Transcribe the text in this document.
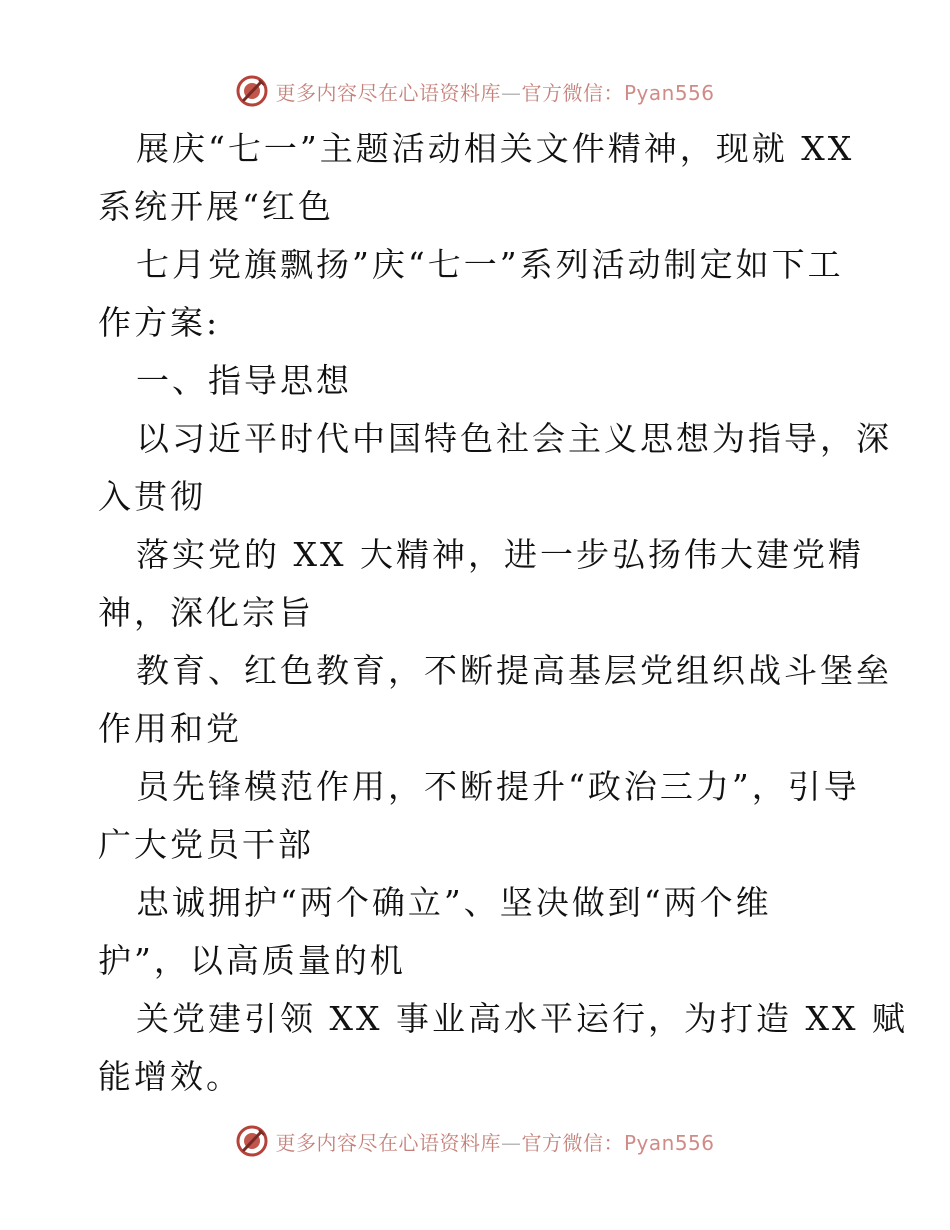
更多内容尽在心语资料库—官方微信：Pyan556
展庆“七一”主题活动相关文件精神，现就 XX
系统开展“红色
七月党旗飘扬”庆“七一”系列活动制定如下工
作方案:
一、指导思想
以习近平时代中国特色社会主义思想为指导，深
入贯彻
落实党的 XX 大精神，进一步弘扬伟大建党精
神，深化宗旨
教育、红色教育，不断提高基层党组织战斗堡垒
作用和党
员先锋模范作用，不断提升“政治三力”，引导
广大党员干部
忠诚拥护“两个确立”、坚决做到“两个维
护”，以高质量的机
关党建引领 XX 事业高水平运行，为打造 XX 赋
能增效。
更多内容尽在心语资料库—官方微信：Pyan556
